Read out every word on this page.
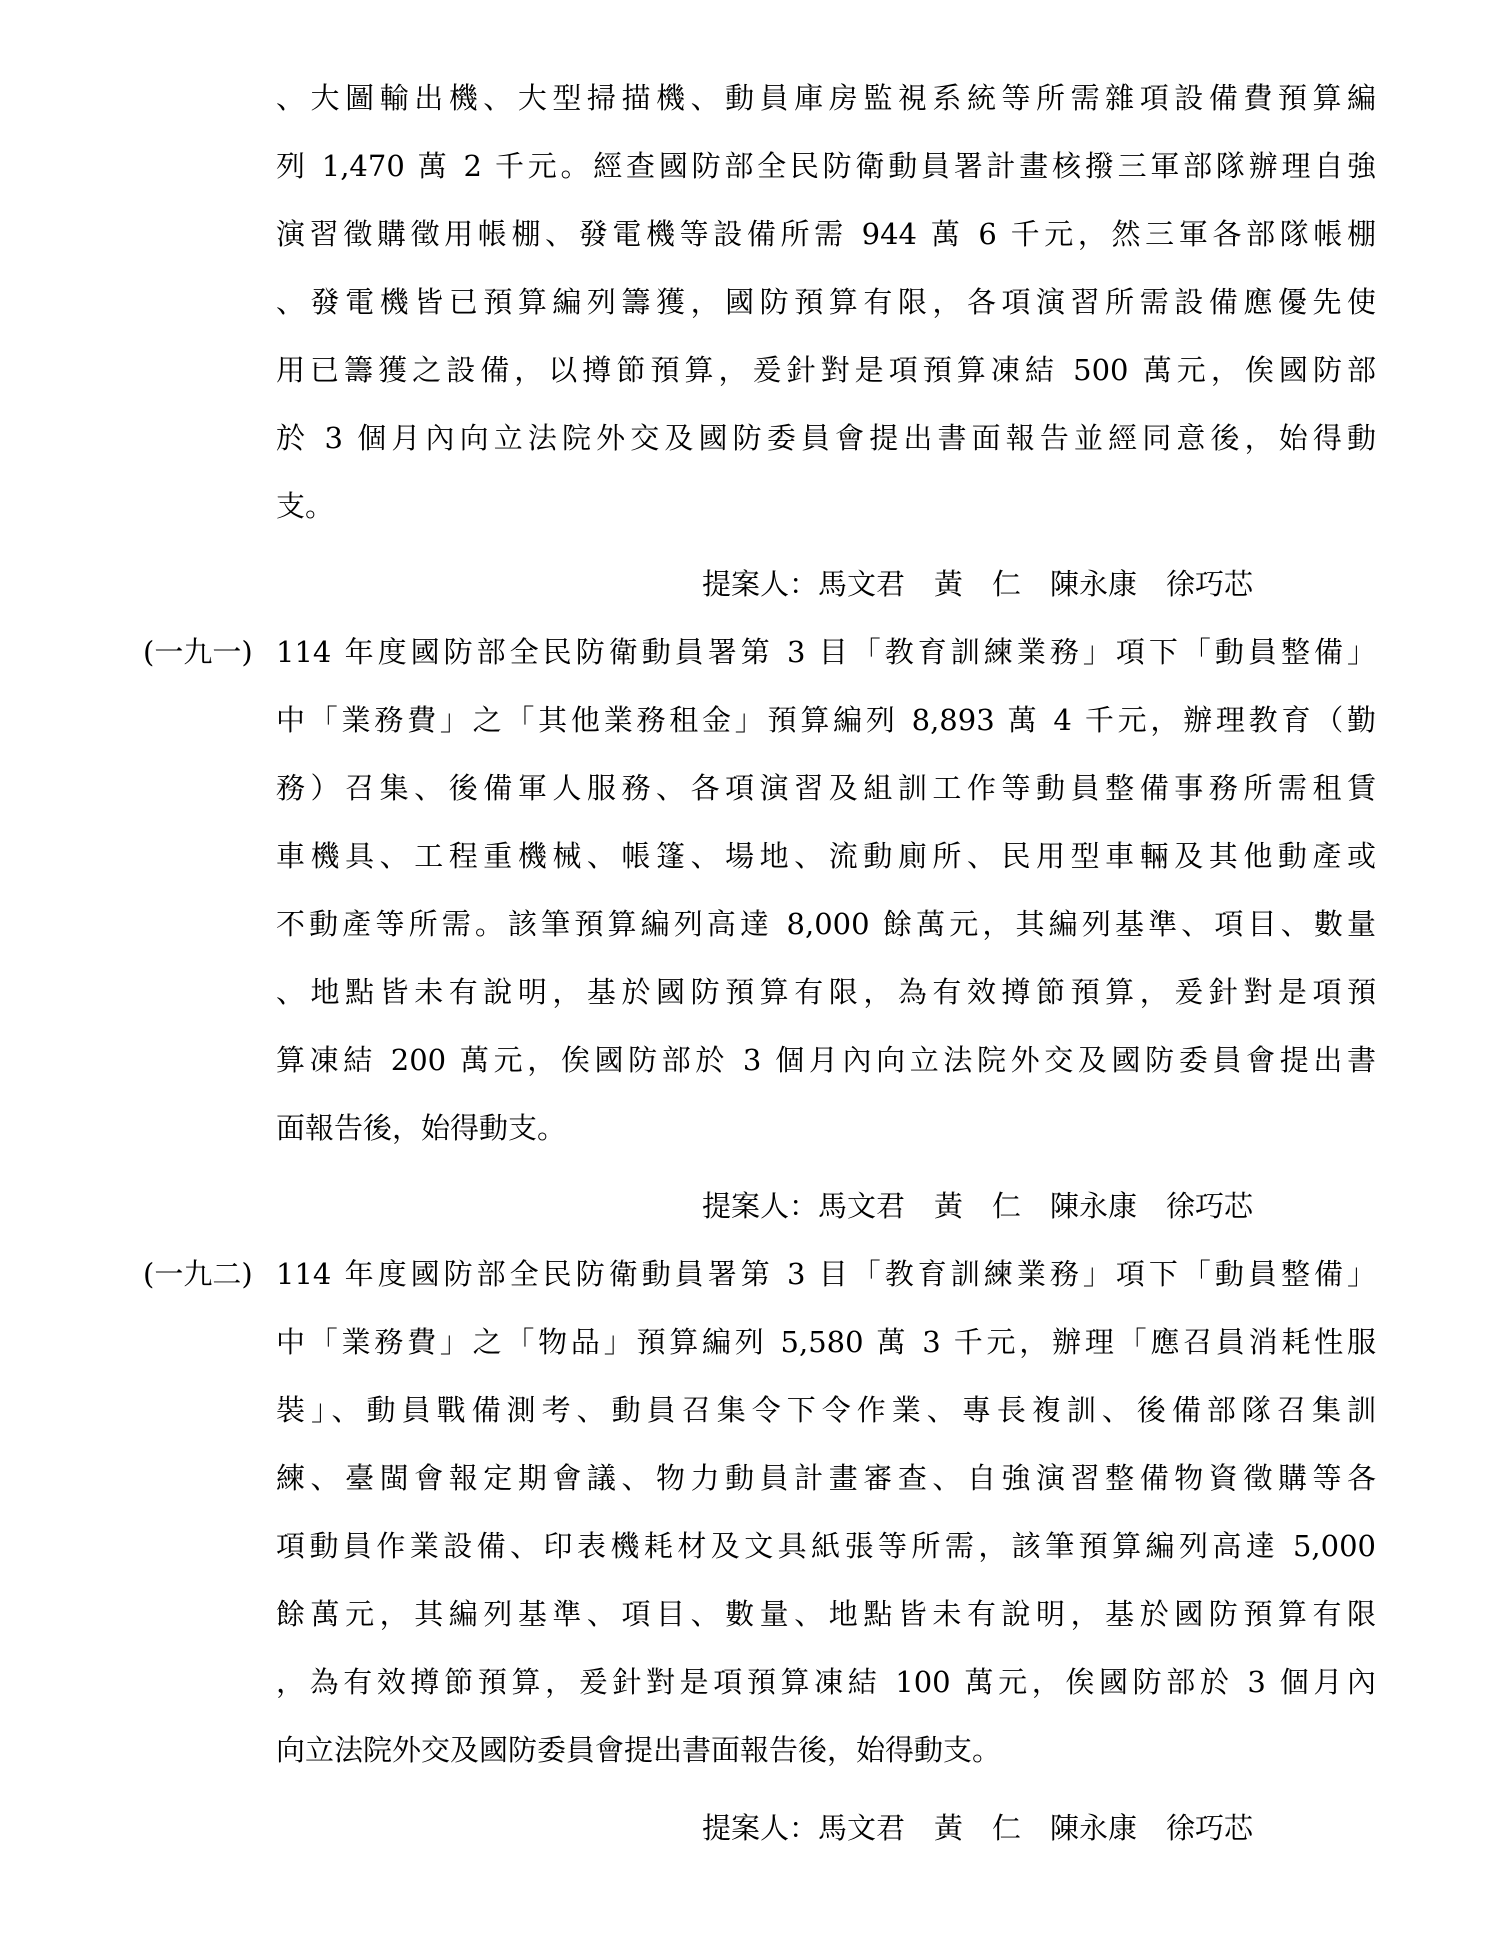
、大圖輸出機、大型掃描機、動員庫房監視系統等所需雜項設備費預算編
列 1,470 萬 2 千元。經查國防部全民防衛動員署計畫核撥三軍部隊辦理自強
演習徵購徵用帳棚、發電機等設備所需 944 萬 6 千元，然三軍各部隊帳棚
、發電機皆已預算編列籌獲，國防預算有限，各項演習所需設備應優先使
用已籌獲之設備，以撙節預算，爰針對是項預算凍結 500 萬元，俟國防部
於 3 個月內向立法院外交及國防委員會提出書面報告並經同意後，始得動
支。
提案人：馬文君　黃　仁　陳永康　徐巧芯
(一九一) 114 年度國防部全民防衛動員署第 3 目「教育訓練業務」項下「動員整備」
中「業務費」之「其他業務租金」預算編列 8,893 萬 4 千元，辦理教育（勤
務）召集、後備軍人服務、各項演習及組訓工作等動員整備事務所需租賃
車機具、工程重機械、帳篷、場地、流動廁所、民用型車輛及其他動產或
不動產等所需。該筆預算編列高達 8,000 餘萬元，其編列基準、項目、數量
、地點皆未有說明，基於國防預算有限，為有效撙節預算，爰針對是項預
算凍結 200 萬元，俟國防部於 3 個月內向立法院外交及國防委員會提出書
面報告後，始得動支。
提案人：馬文君　黃　仁　陳永康　徐巧芯
(一九二) 114 年度國防部全民防衛動員署第 3 目「教育訓練業務」項下「動員整備」
中「業務費」之「物品」預算編列 5,580 萬 3 千元，辦理「應召員消耗性服
裝」、動員戰備測考、動員召集令下令作業、專長複訓、後備部隊召集訓
練、臺閩會報定期會議、物力動員計畫審查、自強演習整備物資徵購等各
項動員作業設備、印表機耗材及文具紙張等所需，該筆預算編列高達 5,000
餘萬元，其編列基準、項目、數量、地點皆未有說明，基於國防預算有限
，為有效撙節預算，爰針對是項預算凍結 100 萬元，俟國防部於 3 個月內
向立法院外交及國防委員會提出書面報告後，始得動支。
提案人：馬文君　黃　仁　陳永康　徐巧芯
